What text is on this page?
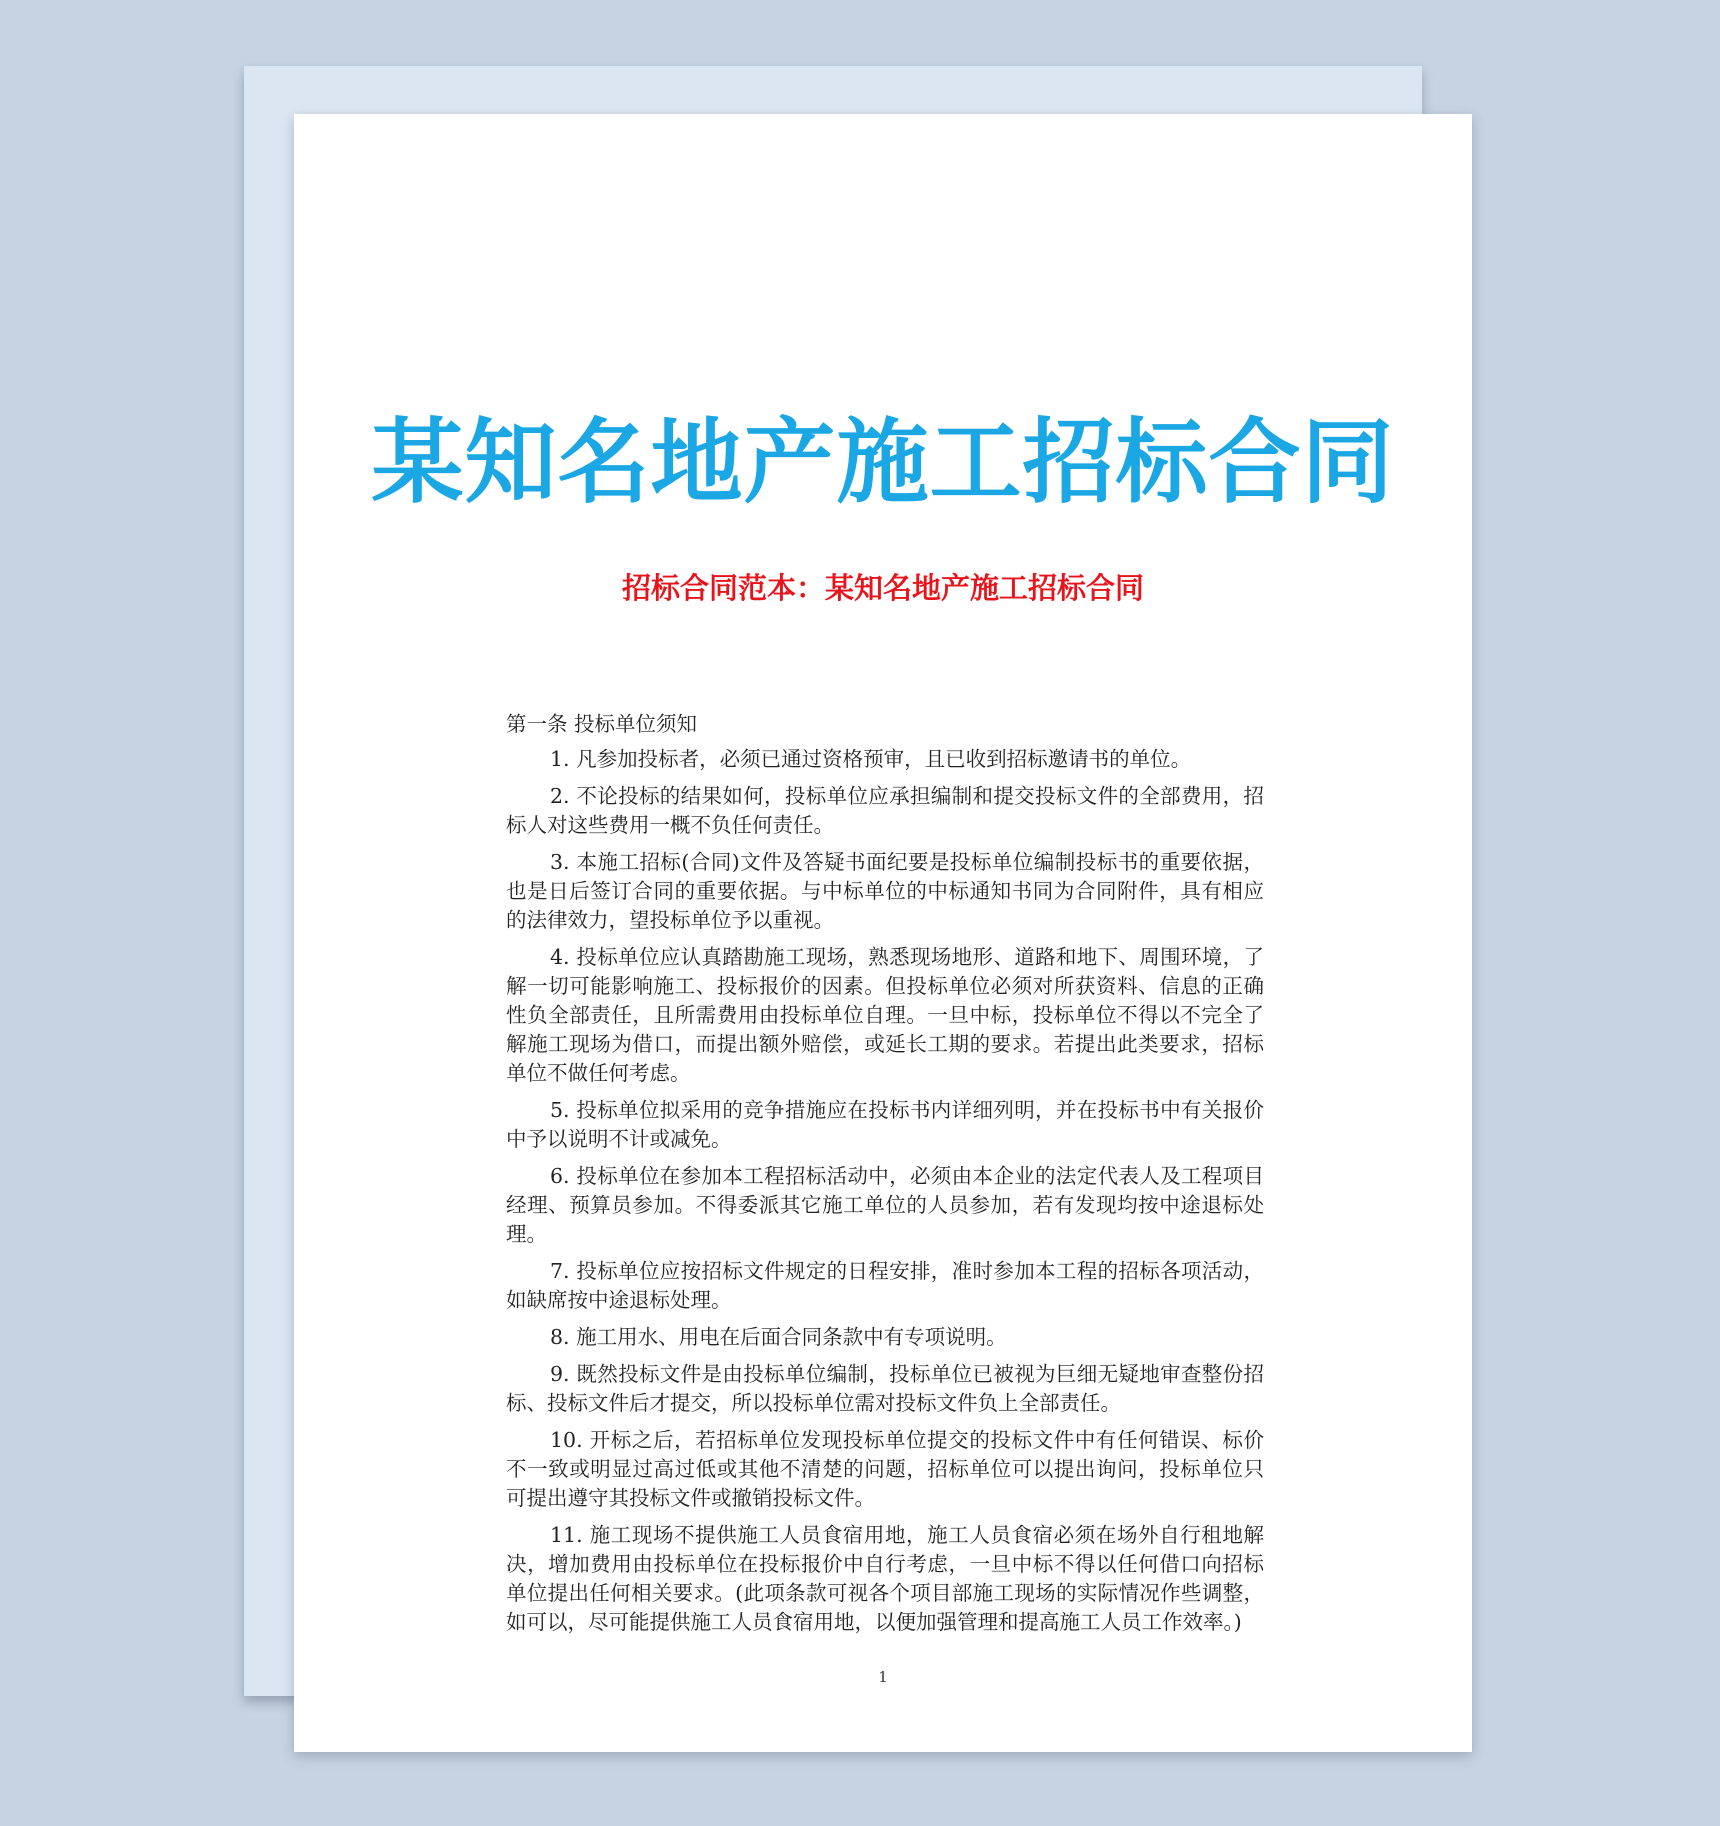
某知名地产施工招标合同
招标合同范本：某知名地产施工招标合同
第一条 投标单位须知

1. 凡参加投标者，必须已通过资格预审，且已收到招标邀请书的单位。

2. 不论投标的结果如何，投标单位应承担编制和提交投标文件的全部费用，招标人对这些费用一概不负任何责任。

3. 本施工招标(合同)文件及答疑书面纪要是投标单位编制投标书的重要依据，也是日后签订合同的重要依据。与中标单位的中标通知书同为合同附件，具有相应的法律效力，望投标单位予以重视。

4. 投标单位应认真踏勘施工现场，熟悉现场地形、道路和地下、周围环境，了解一切可能影响施工、投标报价的因素。但投标单位必须对所获资料、信息的正确性负全部责任，且所需费用由投标单位自理。一旦中标，投标单位不得以不完全了解施工现场为借口，而提出额外赔偿，或延长工期的要求。若提出此类要求，招标单位不做任何考虑。

5. 投标单位拟采用的竞争措施应在投标书内详细列明，并在投标书中有关报价中予以说明不计或减免。

6. 投标单位在参加本工程招标活动中，必须由本企业的法定代表人及工程项目经理、预算员参加。不得委派其它施工单位的人员参加，若有发现均按中途退标处理。

7. 投标单位应按招标文件规定的日程安排，准时参加本工程的招标各项活动，如缺席按中途退标处理。

8. 施工用水、用电在后面合同条款中有专项说明。

9. 既然投标文件是由投标单位编制，投标单位已被视为巨细无疑地审查整份招标、投标文件后才提交，所以投标单位需对投标文件负上全部责任。

10. 开标之后，若招标单位发现投标单位提交的投标文件中有任何错误、标价不一致或明显过高过低或其他不清楚的问题，招标单位可以提出询问，投标单位只可提出遵守其投标文件或撤销投标文件。

11. 施工现场不提供施工人员食宿用地，施工人员食宿必须在场外自行租地解决，增加费用由投标单位在投标报价中自行考虑，一旦中标不得以任何借口向招标单位提出任何相关要求。(此项条款可视各个项目部施工现场的实际情况作些调整，如可以，尽可能提供施工人员食宿用地，以便加强管理和提高施工人员工作效率。)

1
